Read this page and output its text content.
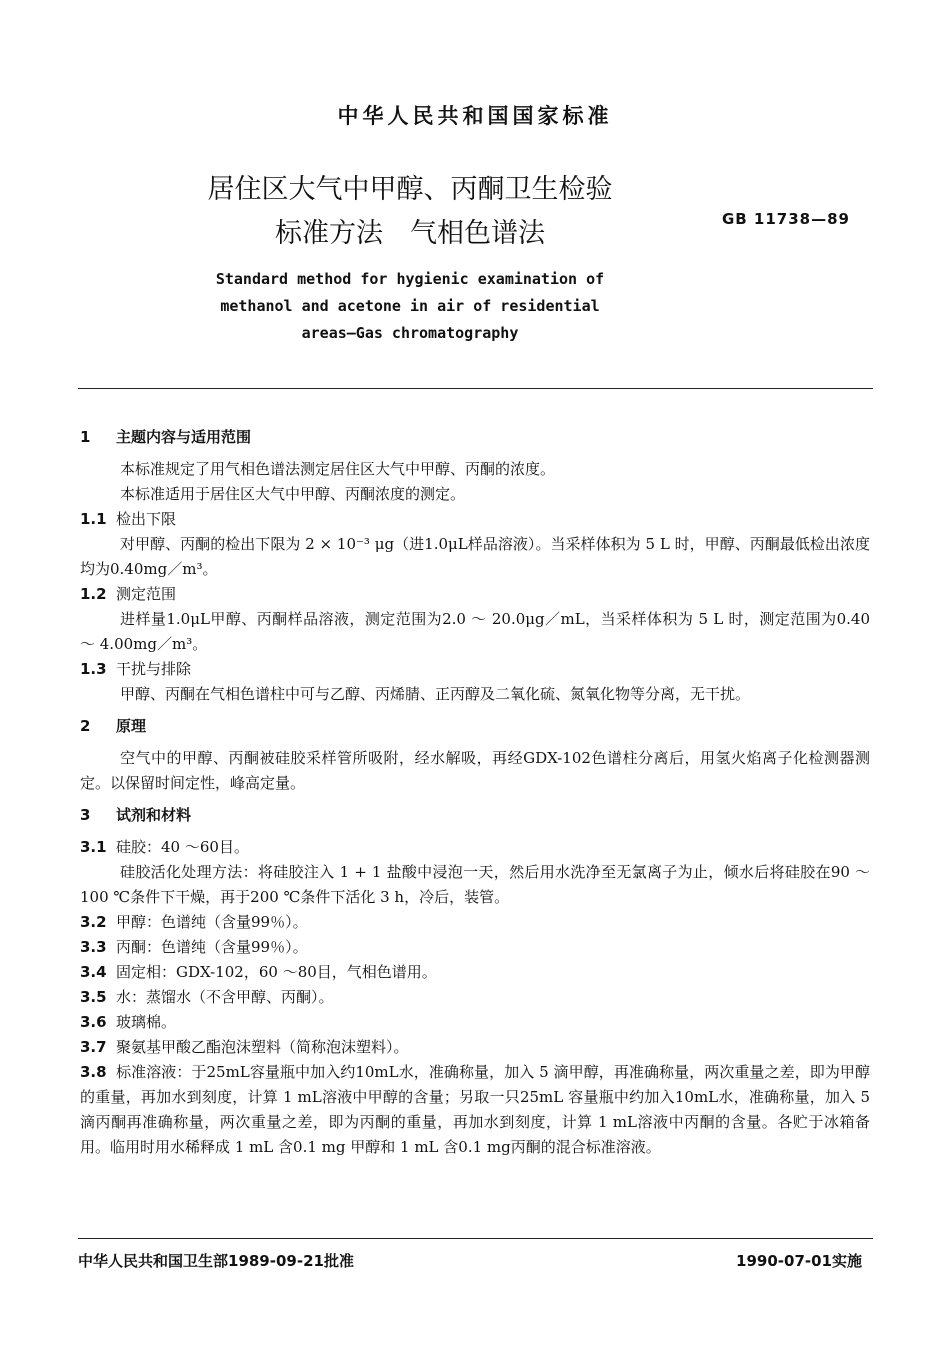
中华人民共和国国家标准
居住区大气中甲醇、丙酮卫生检验
标准方法　气相色谱法	GB 11738—89
Standard method for hygienic examination of
methanol and acetone in air of residential
areas—Gas chromatography

1 主题内容与适用范围

本标准规定了用气相色谱法测定居住区大气中甲醇、丙酮的浓度。

本标准适用于居住区大气中甲醇、丙酮浓度的测定。

1.1 检出下限

对甲醇、丙酮的检出下限为 2 × 10⁻³ μg（进1.0μL样品溶液）。当采样体积为 5 L 时，甲醇、丙酮最低检出浓度均为0.40mg／m³。

1.2 测定范围

进样量1.0μL甲醇、丙酮样品溶液，测定范围为2.0 ～ 20.0μg／mL，当采样体积为 5 L 时，测定范围为0.40 ～ 4.00mg／m³。

1.3 干扰与排除

甲醇、丙酮在气相色谱柱中可与乙醇、丙烯腈、正丙醇及二氧化硫、氮氧化物等分离，无干扰。

2 原理

空气中的甲醇、丙酮被硅胶采样管所吸附，经水解吸，再经GDX-102色谱柱分离后，用氢火焰离子化检测器测定。以保留时间定性，峰高定量。

3 试剂和材料

3.1 硅胶：40 ～60目。

硅胶活化处理方法：将硅胶注入 1 + 1 盐酸中浸泡一天，然后用水洗净至无氯离子为止，倾水后将硅胶在90 ～100 ℃条件下干燥，再于200 ℃条件下活化 3 h，冷后，装管。

3.2 甲醇：色谱纯（含量99％）。

3.3 丙酮：色谱纯（含量99％）。

3.4 固定相：GDX-102，60 ～80目，气相色谱用。

3.5 水：蒸馏水（不含甲醇、丙酮）。

3.6 玻璃棉。

3.7 聚氨基甲酸乙酯泡沫塑料（简称泡沫塑料）。

3.8 标准溶液：于25mL容量瓶中加入约10mL水，准确称量，加入 5 滴甲醇，再准确称量，两次重量之差，即为甲醇的重量，再加水到刻度，计算 1 mL溶液中甲醇的含量；另取一只25mL 容量瓶中约加入10mL水，准确称量，加入 5 滴丙酮再准确称量，两次重量之差，即为丙酮的重量，再加水到刻度，计算 1 mL溶液中丙酮的含量。各贮于冰箱备用。临用时用水稀释成 1 mL 含0.1 mg 甲醇和 1 mL 含0.1 mg丙酮的混合标准溶液。

中华人民共和国卫生部1989-09-21批准	1990-07-01实施
